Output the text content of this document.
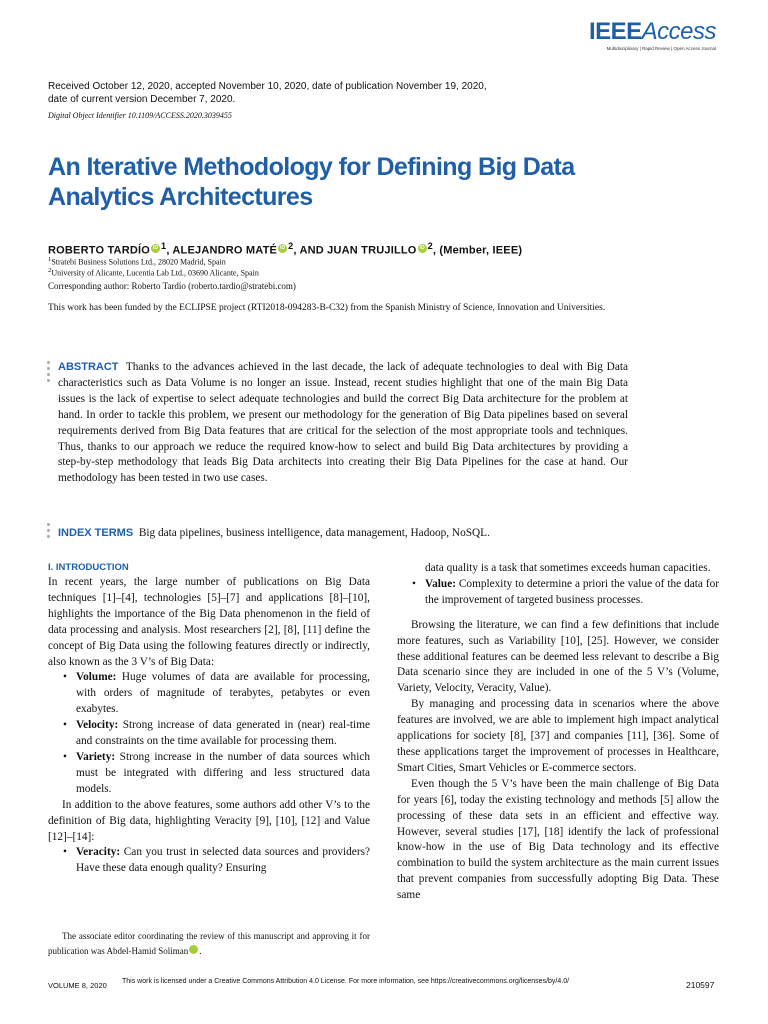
IEEEAccess
Multidisciplinary | Rapid Review | Open Access Journal
Received October 12, 2020, accepted November 10, 2020, date of publication November 19, 2020,
date of current version December 7, 2020.
Digital Object Identifier 10.1109/ACCESS.2020.3039455
An Iterative Methodology for Defining Big Data Analytics Architectures
ROBERTO TARDÍO iD $^1$, ALEJANDRO MATÉ iD $^2$, AND JUAN TRUJILLO iD $^2$, (Member, IEEE)
$^1$Stratebi Business Solutions Ltd., 28020 Madrid, Spain
$^2$University of Alicante, Lucentia Lab Ltd., 03690 Alicante, Spain
Corresponding author: Roberto Tardío (roberto.tardio@stratebi.com)
This work has been funded by the ECLIPSE project (RTI2018-094283-B-C32) from the Spanish Ministry of Science, Innovation and Universities.
ABSTRACT Thanks to the advances achieved in the last decade, the lack of adequate technologies to deal with Big Data characteristics such as Data Volume is no longer an issue. Instead, recent studies highlight that one of the main Big Data issues is the lack of expertise to select adequate technologies and build the correct Big Data architecture for the problem at hand. In order to tackle this problem, we present our methodology for the generation of Big Data pipelines based on several requirements derived from Big Data features that are critical for the selection of the most appropriate tools and techniques. Thus, thanks to our approach we reduce the required know-how to select and build Big Data architectures by providing a step-by-step methodology that leads Big Data architects into creating their Big Data Pipelines for the case at hand. Our methodology has been tested in two use cases.
INDEX TERMS Big data pipelines, business intelligence, data management, Hadoop, NoSQL.
I. INTRODUCTION

In recent years, the large number of publications on Big Data techniques [1]–[4], technologies [5]–[7] and applications [8]–[10], highlights the importance of the Big Data phenomenon in the field of data processing and analysis. Most researchers [2], [8], [11] define the concept of Big Data using the following features directly or indirectly, also known as the 3 V’s of Big Data:

• Volume: Huge volumes of data are available for processing, with orders of magnitude of terabytes, petabytes or even exabytes.
• Velocity: Strong increase of data generated in (near) real-time and constraints on the time available for processing them.
• Variety: Strong increase in the number of data sources which must be integrated with differing and less structured data models.

In addition to the above features, some authors add other V’s to the definition of Big data, highlighting Veracity [9], [10], [12] and Value [12]–[14]:

• Veracity: Can you trust in selected data sources and providers? Have these data enough quality? Ensuring
data quality is a task that sometimes exceeds human capacities.
• Value: Complexity to determine a priori the value of the data for the improvement of targeted business processes.

Browsing the literature, we can find a few definitions that include more features, such as Variability [10], [25]. However, we consider these additional features can be deemed less relevant to describe a Big Data scenario since they are included in one of the 5 V’s (Volume, Variety, Velocity, Veracity, Value).

By managing and processing data in scenarios where the above features are involved, we are able to implement high impact analytical applications for society [8], [37] and companies [11], [36]. Some of these applications target the improvement of processes in Healthcare, Smart Cities, Smart Vehicles or E-commerce sectors.

Even though the 5 V’s have been the main challenge of Big Data for years [6], today the existing technology and methods [5] allow the processing of these data sets in an efficient and effective way. However, several studies [17], [18] identify the lack of professional know-how in the use of Big Data technology and its effective combination to build the system architecture as the main current issues that prevent companies from successfully adopting Big Data. These same

The associate editor coordinating the review of this manuscript and approving it for publication was Abdel-Hamid Soliman	iD.
VOLUME 8, 2020 This work is licensed under a Creative Commons Attribution 4.0 License. For more information, see https://creativecommons.org/licenses/by/4.0/	210597
